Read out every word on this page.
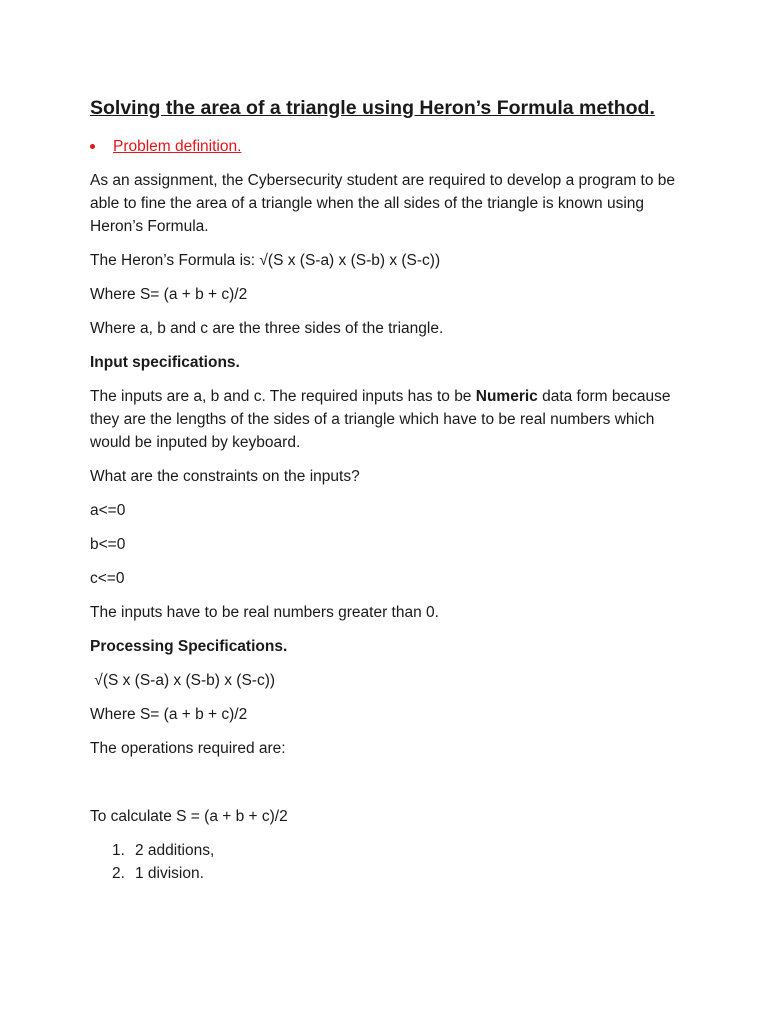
Solving the area of a triangle using Heron’s Formula method.
Problem definition.

As an assignment, the Cybersecurity student are required to develop a program to be able to fine the area of a triangle when the all sides of the triangle is known using Heron’s Formula.

The Heron’s Formula is: √(S x (S-a) x (S-b) x (S-c))

Where S= (a + b + c)/2

Where a, b and c are the three sides of the triangle.

Input specifications.

The inputs are a, b and c. The required inputs has to be Numeric data form because they are the lengths of the sides of a triangle which have to be real numbers which would be inputed by keyboard.

What are the constraints on the inputs?

a<=0

b<=0

c<=0

The inputs have to be real numbers greater than 0.

Processing Specifications.

√(S x (S-a) x (S-b) x (S-c))

Where S= (a + b + c)/2

The operations required are:

To calculate S = (a + b + c)/2

1. 2 additions,
2. 1 division.
